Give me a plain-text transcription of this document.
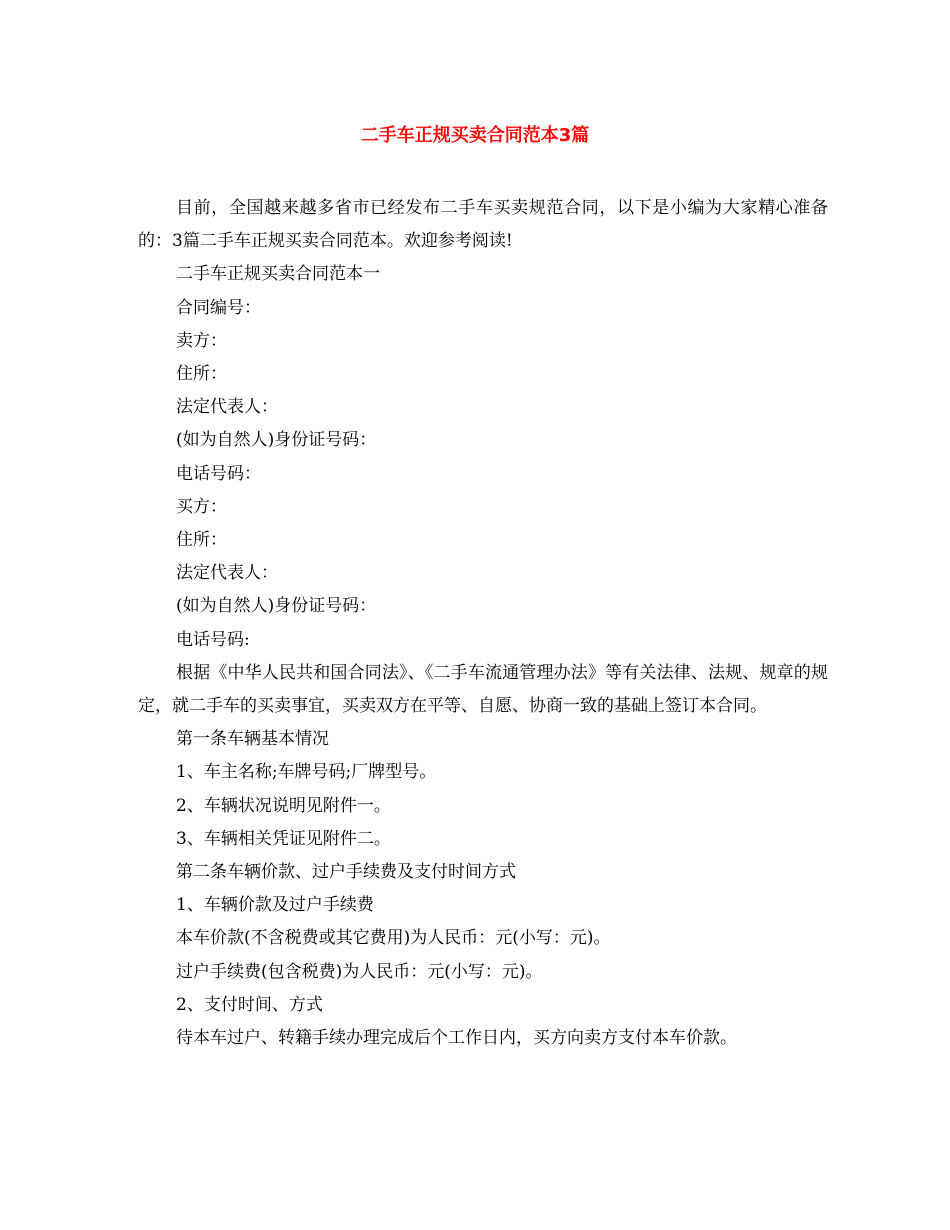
二手车正规买卖合同范本3篇

目前，全国越来越多省市已经发布二手车买卖规范合同，以下是小编为大家精心准备的：3篇二手车正规买卖合同范本。欢迎参考阅读!

二手车正规买卖合同范本一

合同编号：

卖方：

住所：

法定代表人：

(如为自然人)身份证号码：

电话号码：

买方：

住所：

法定代表人：

(如为自然人)身份证号码：

电话号码:

根据《中华人民共和国合同法》、《二手车流通管理办法》等有关法律、法规、规章的规定，就二手车的买卖事宜，买卖双方在平等、自愿、协商一致的基础上签订本合同。

第一条车辆基本情况

1、车主名称;车牌号码;厂牌型号。

2、车辆状况说明见附件一。

3、车辆相关凭证见附件二。

第二条车辆价款、过户手续费及支付时间方式

1、车辆价款及过户手续费

本车价款(不含税费或其它费用)为人民币：元(小写：元)。

过户手续费(包含税费)为人民币：元(小写：元)。

2、支付时间、方式

待本车过户、转籍手续办理完成后个工作日内，买方向卖方支付本车价款。
